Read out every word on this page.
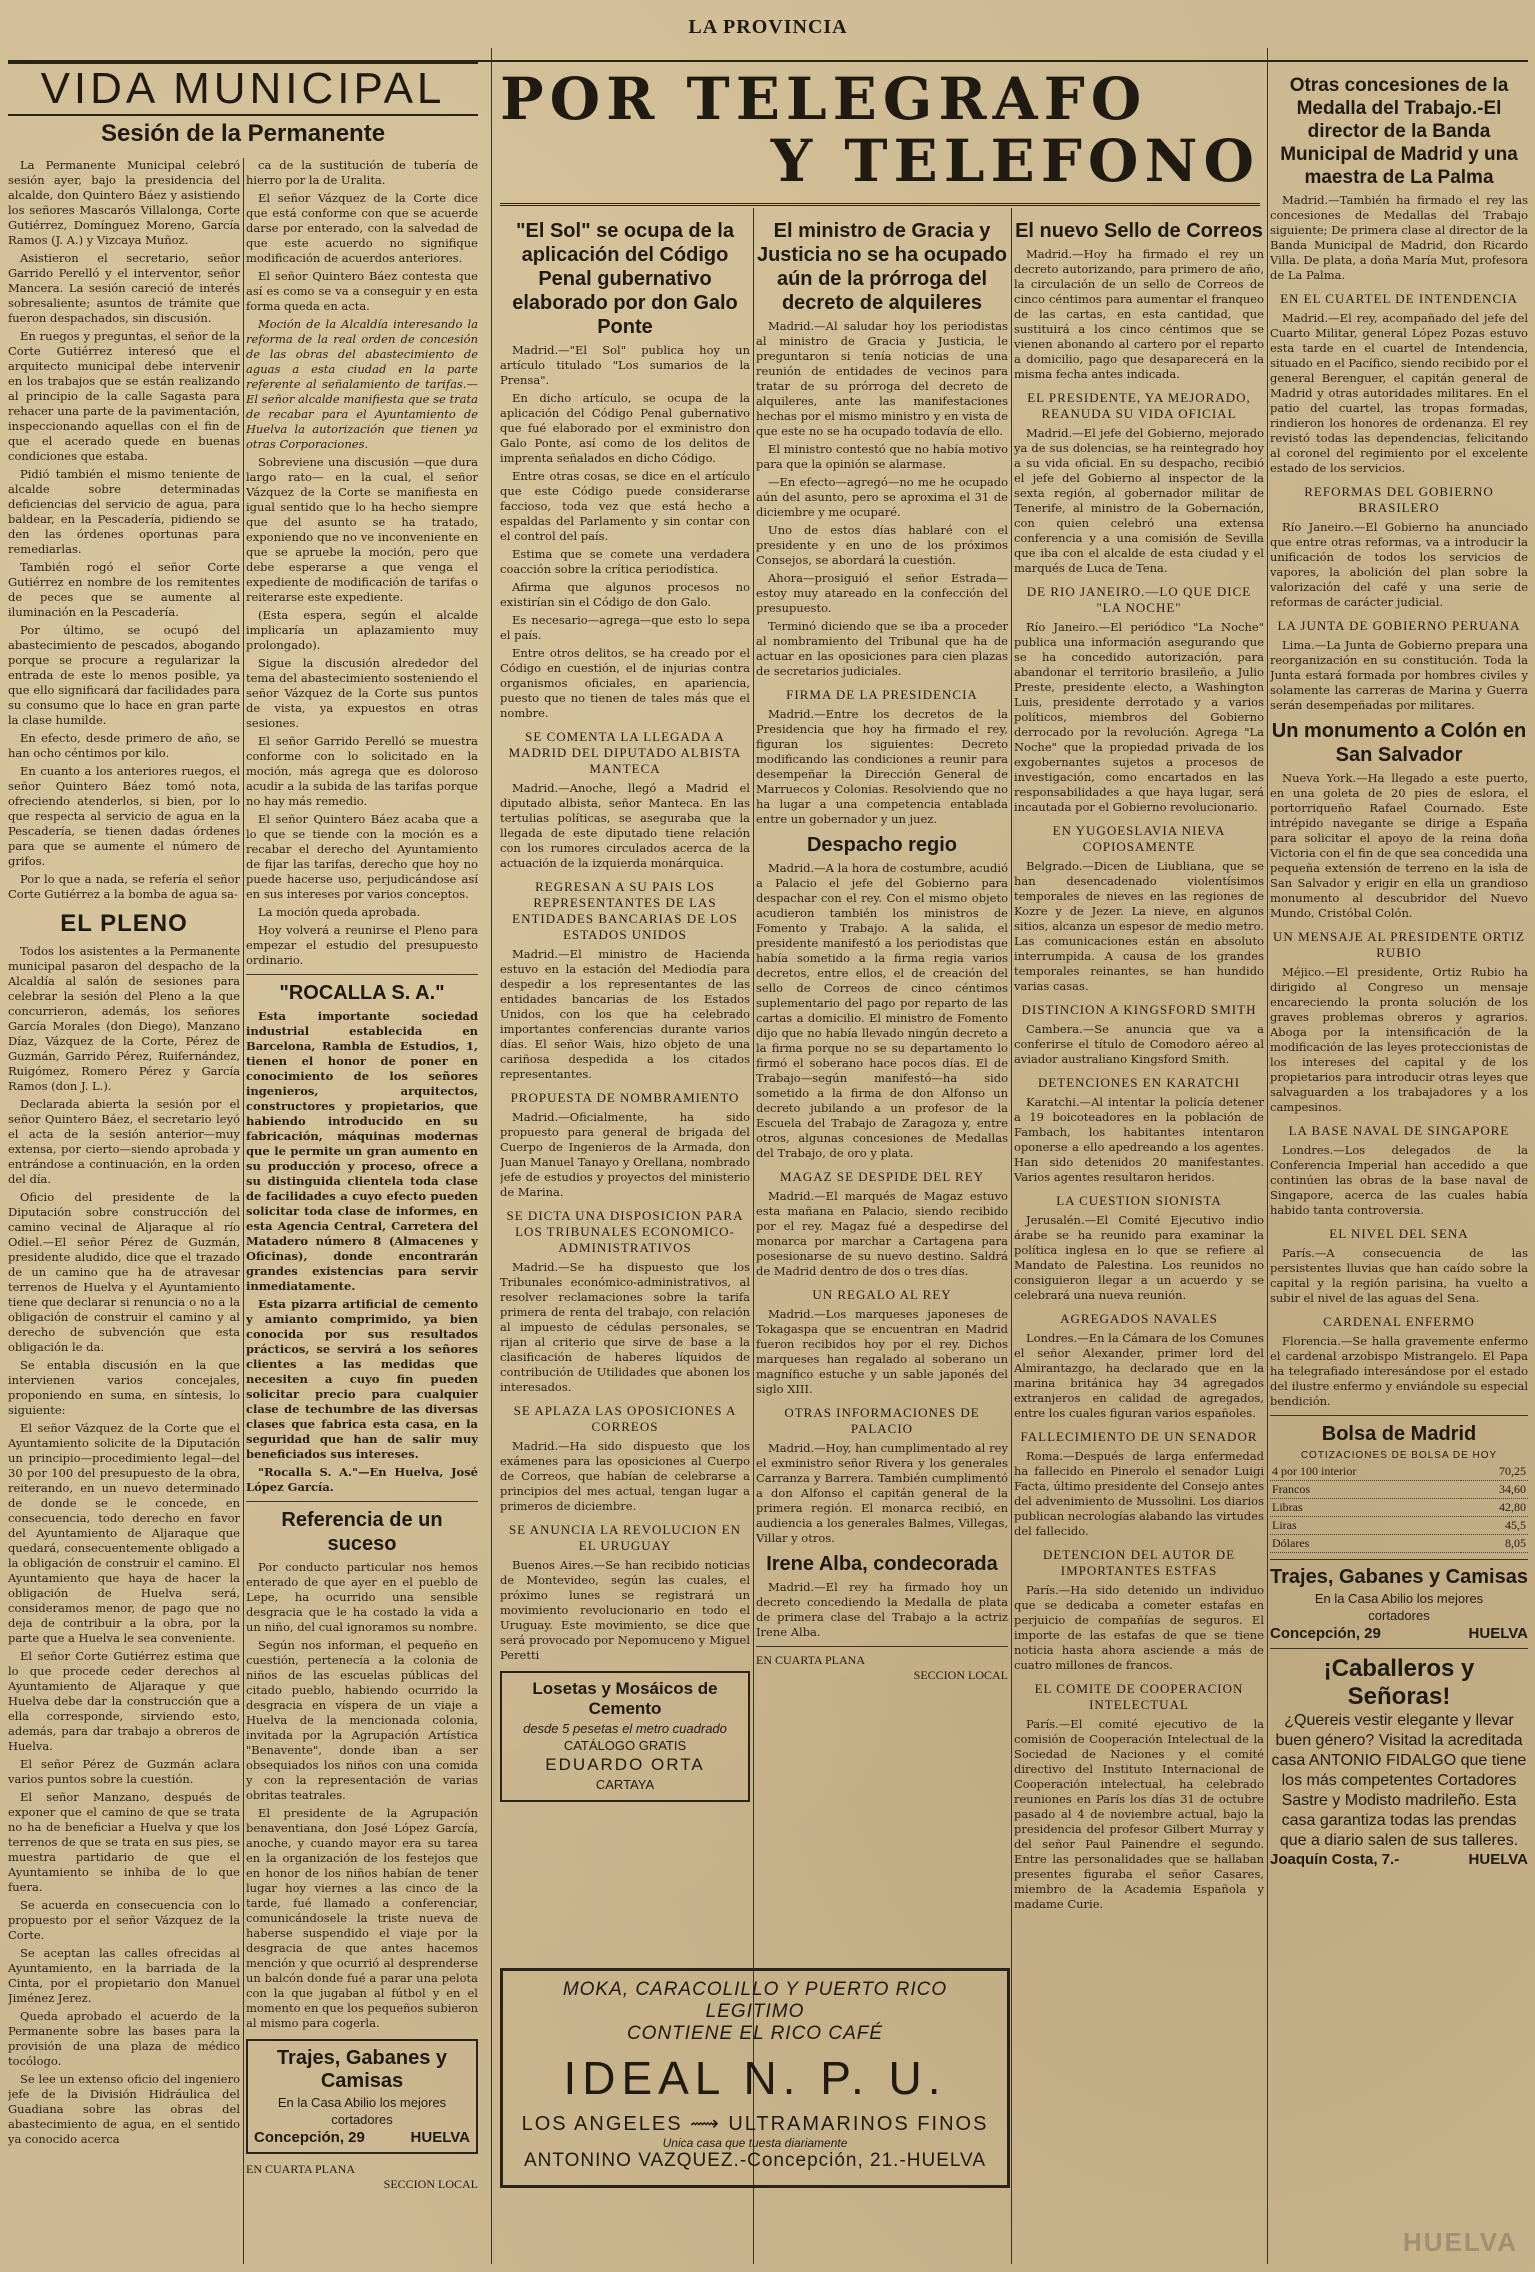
LA PROVINCIA
VIDA MUNICIPAL
Sesión de la Permanente
POR TELEGRAFO
Y TELEFONO

La Permanente Municipal celebró sesión ayer, bajo la presidencia del alcalde, don Quintero Báez y asistiendo los señores Mascarós Villalonga, Corte Gutiérrez, Domínguez Moreno, García Ramos (J. A.) y Vizcaya Muñoz.

Asistieron el secretario, señor Garrido Perelló y el interventor, señor Mancera. La sesión careció de interés sobresaliente; asuntos de trámite que fueron despachados, sin discusión.

En ruegos y preguntas, el señor de la Corte Gutiérrez interesó que el arquitecto municipal debe intervenir en los trabajos que se están realizando al principio de la calle Sagasta para rehacer una parte de la pavimentación, inspeccionando aquellas con el fin de que el acerado quede en buenas condiciones que estaba.

Pidió también el mismo teniente de alcalde sobre determinadas deficiencias del servicio de agua, para baldear, en la Pescadería, pidiendo se den las órdenes oportunas para remediarlas.

También rogó el señor Corte Gutiérrez en nombre de los remitentes de peces que se aumente al iluminación en la Pescadería.

Por último, se ocupó del abastecimiento de pescados, abogando porque se procure a regularizar la entrada de este lo menos posible, ya que ello significará dar facilidades para su consumo que lo hace en gran parte la clase humilde.

En efecto, desde primero de año, se han ocho céntimos por kilo.

En cuanto a los anteriores ruegos, el señor Quintero Báez tomó nota, ofreciendo atenderlos, si bien, por lo que respecta al servicio de agua en la Pescadería, se tienen dadas órdenes para que se aumente el número de grifos.

Por lo que a nada, se refería el señor Corte Gutiérrez a la bomba de agua sa-

EL PLENO

Todos los asistentes a la Permanente municipal pasaron del despacho de la Alcaldía al salón de sesiones para celebrar la sesión del Pleno a la que concurrieron, además, los señores García Morales (don Diego), Manzano Díaz, Vázquez de la Corte, Pérez de Guzmán, Garrido Pérez, Ruifernández, Ruigómez, Romero Pérez y García Ramos (don J. L.).

Declarada abierta la sesión por el señor Quintero Báez, el secretario leyó el acta de la sesión anterior—muy extensa, por cierto—siendo aprobada y entrándose a continuación, en la orden del día.

Oficio del presidente de la Diputación sobre construcción del camino vecinal de Aljaraque al río Odiel.—El señor Pérez de Guzmán, presidente aludido, dice que el trazado de un camino que ha de atravesar terrenos de Huelva y el Ayuntamiento tiene que declarar si renuncia o no a la obligación de construir el camino y al derecho de subvención que esta obligación le da.

Se entabla discusión en la que intervienen varios concejales, proponiendo en suma, en síntesis, lo siguiente:

El señor Vázquez de la Corte que el Ayuntamiento solicite de la Diputación un principio—procedimiento legal—del 30 por 100 del presupuesto de la obra, reiterando, en un nuevo determinado de donde se le concede, en consecuencia, todo derecho en favor del Ayuntamiento de Aljaraque que quedará, consecuentemente obligado a la obligación de construir el camino. El Ayuntamiento que haya de hacer la obligación de Huelva será, consideramos menor, de pago que no deja de contribuir a la obra, por la parte que a Huelva le sea conveniente.

El señor Corte Gutiérrez estima que lo que procede ceder derechos al Ayuntamiento de Aljaraque y que Huelva debe dar la construcción que a ella corresponde, sirviendo esto, además, para dar trabajo a obreros de Huelva.

El señor Pérez de Guzmán aclara varios puntos sobre la cuestión.

El señor Manzano, después de exponer que el camino de que se trata no ha de beneficiar a Huelva y que los terrenos de que se trata en sus pies, se muestra partidario de que el Ayuntamiento se inhiba de lo que fuera.

Se acuerda en consecuencia con lo propuesto por el señor Vázquez de la Corte.

Se aceptan las calles ofrecidas al Ayuntamiento, en la barriada de la Cinta, por el propietario don Manuel Jiménez Jerez.

Queda aprobado el acuerdo de la Permanente sobre las bases para la provisión de una plaza de médico tocólogo.

Se lee un extenso oficio del ingeniero jefe de la División Hidráulica del Guadiana sobre las obras del abastecimiento de agua, en el sentido ya conocido acerca

ca de la sustitución de tubería de hierro por la de Uralita.

El señor Vázquez de la Corte dice que está conforme con que se acuerde darse por enterado, con la salvedad de que este acuerdo no signifique modificación de acuerdos anteriores.

El señor Quintero Báez contesta que así es como se va a conseguir y en esta forma queda en acta.

Moción de la Alcaldía interesando la reforma de la real orden de concesión de las obras del abastecimiento de aguas a esta ciudad en la parte referente al señalamiento de tarifas.—El señor alcalde manifiesta que se trata de recabar para el Ayuntamiento de Huelva la autorización que tienen ya otras Corporaciones.

Sobreviene una discusión —que dura largo rato— en la cual, el señor Vázquez de la Corte se manifiesta en igual sentido que lo ha hecho siempre que del asunto se ha tratado, exponiendo que no ve inconveniente en que se apruebe la moción, pero que debe esperarse a que venga el expediente de modificación de tarifas o reiterarse este expediente.

(Esta espera, según el alcalde implicaría un aplazamiento muy prolongado).

Sigue la discusión alrededor del tema del abastecimiento sosteniendo el señor Vázquez de la Corte sus puntos de vista, ya expuestos en otras sesiones.

El señor Garrido Perelló se muestra conforme con lo solicitado en la moción, más agrega que es doloroso acudir a la subida de las tarifas porque no hay más remedio.

El señor Quintero Báez acaba que a lo que se tiende con la moción es a recabar el derecho del Ayuntamiento de fijar las tarifas, derecho que hoy no puede hacerse uso, perjudicándose así en sus intereses por varios conceptos.

La moción queda aprobada.

Hoy volverá a reunirse el Pleno para empezar el estudio del presupuesto ordinario.

"ROCALLA S. A."

Esta importante sociedad industrial establecida en Barcelona, Rambla de Estudios, 1, tienen el honor de poner en conocimiento de los señores ingenieros, arquitectos, constructores y propietarios, que habiendo introducido en su fabricación, máquinas modernas que le permite un gran aumento en su producción y proceso, ofrece a su distinguida clientela toda clase de facilidades a cuyo efecto pueden solicitar toda clase de informes, en esta Agencia Central, Carretera del Matadero número 8 (Almacenes y Oficinas), donde encontrarán grandes existencias para servir inmediatamente.

Esta pizarra artificial de cemento y amianto comprimido, ya bien conocida por sus resultados prácticos, se servirá a los señores clientes a las medidas que necesiten a cuyo fin pueden solicitar precio para cualquier clase de techumbre de las diversas clases que fabrica esta casa, en la seguridad que han de salir muy beneficiados sus intereses.

"Rocalla S. A."—En Huelva, José López García.

Referencia de un suceso

Por conducto particular nos hemos enterado de que ayer en el pueblo de Lepe, ha ocurrido una sensible desgracia que le ha costado la vida a un niño, del cual ignoramos su nombre.

Según nos informan, el pequeño en cuestión, pertenecía a la colonia de niños de las escuelas públicas del citado pueblo, habiendo ocurrido la desgracia en víspera de un viaje a Huelva de la mencionada colonia, invitada por la Agrupación Artística "Benavente", donde iban a ser obsequiados los niños con una comida y con la representación de varias obritas teatrales.

El presidente de la Agrupación benaventiana, don José López García, anoche, y cuando mayor era su tarea en la organización de los festejos que en honor de los niños habían de tener lugar hoy viernes a las cinco de la tarde, fué llamado a conferenciar, comunicándosele la triste nueva de haberse suspendido el viaje por la desgracia de que antes hacemos mención y que ocurrió al desprenderse un balcón donde fué a parar una pelota con la que jugaban al fútbol y en el momento en que los pequeños subieron al mismo para cogerla.

Trajes, Gabanes y Camisas
En la Casa Abilio los mejores
cortadores
Concepción, 29	HUELVA
EN CUARTA PLANA
SECCION LOCAL
"El Sol" se ocupa de la aplicación del Código Penal gubernativo elaborado por don Galo Ponte

Madrid.—"El Sol" publica hoy un artículo titulado "Los sumarios de la Prensa".

En dicho artículo, se ocupa de la aplicación del Código Penal gubernativo que fué elaborado por el exministro don Galo Ponte, así como de los delitos de imprenta señalados en dicho Código.

Entre otras cosas, se dice en el artículo que este Código puede considerarse faccioso, toda vez que está hecho a espaldas del Parlamento y sin contar con el control del país.

Estima que se comete una verdadera coacción sobre la crítica periodística.

Afirma que algunos procesos no existirían sin el Código de don Galo.

Es necesario—agrega—que esto lo sepa el país.

Entre otros delitos, se ha creado por el Código en cuestión, el de injurias contra organismos oficiales, en apariencia, puesto que no tienen de tales más que el nombre.

SE COMENTA LA LLEGADA A MADRID DEL DIPUTADO ALBISTA MANTECA

Madrid.—Anoche, llegó a Madrid el diputado albista, señor Manteca. En las tertulias políticas, se aseguraba que la llegada de este diputado tiene relación con los rumores circulados acerca de la actuación de la izquierda monárquica.

REGRESAN A SU PAIS LOS REPRESENTANTES DE LAS ENTIDADES BANCARIAS DE LOS ESTADOS UNIDOS

Madrid.—El ministro de Hacienda estuvo en la estación del Mediodía para despedir a los representantes de las entidades bancarias de los Estados Unidos, con los que ha celebrado importantes conferencias durante varios días. El señor Wais, hizo objeto de una cariñosa despedida a los citados representantes.

PROPUESTA DE NOMBRAMIENTO

Madrid.—Oficialmente, ha sido propuesto para general de brigada del Cuerpo de Ingenieros de la Armada, don Juan Manuel Tanayo y Orellana, nombrado jefe de estudios y proyectos del ministerio de Marina.

SE DICTA UNA DISPOSICION PARA LOS TRIBUNALES ECONOMICO-ADMINISTRATIVOS

Madrid.—Se ha dispuesto que los Tribunales económico-administrativos, al resolver reclamaciones sobre la tarifa primera de renta del trabajo, con relación al impuesto de cédulas personales, se rijan al criterio que sirve de base a la clasificación de haberes líquidos de contribución de Utilidades que abonen los interesados.

SE APLAZA LAS OPOSICIONES A CORREOS

Madrid.—Ha sido dispuesto que los exámenes para las oposiciones al Cuerpo de Correos, que habían de celebrarse a principios del mes actual, tengan lugar a primeros de diciembre.

SE ANUNCIA LA REVOLUCION EN EL URUGUAY

Buenos Aires.—Se han recibido noticias de Montevideo, según las cuales, el próximo lunes se registrará un movimiento revolucionario en todo el Uruguay. Este movimiento, se dice que será provocado por Nepomuceno y Miguel Peretti

Losetas y Mosáicos de Cemento
desde 5 pesetas el metro cuadrado
CATÁLOGO GRATIS
EDUARDO ORTA
CARTAYA
El ministro de Gracia y Justicia no se ha ocupado aún de la prórroga del decreto de alquileres

Madrid.—Al saludar hoy los periodistas al ministro de Gracia y Justicia, le preguntaron si tenía noticias de una reunión de entidades de vecinos para tratar de su prórroga del decreto de alquileres, ante las manifestaciones hechas por el mismo ministro y en vista de que este no se ha ocupado todavía de ello.

El ministro contestó que no había motivo para que la opinión se alarmase.

—En efecto—agregó—no me he ocupado aún del asunto, pero se aproxima el 31 de diciembre y me ocuparé.

Uno de estos días hablaré con el presidente y en uno de los próximos Consejos, se abordará la cuestión.

Ahora—prosiguió el señor Estrada—estoy muy atareado en la confección del presupuesto.

Terminó diciendo que se iba a proceder al nombramiento del Tribunal que ha de actuar en las oposiciones para cien plazas de secretarios judiciales.

FIRMA DE LA PRESIDENCIA

Madrid.—Entre los decretos de la Presidencia que hoy ha firmado el rey, figuran los siguientes: Decreto modificando las condiciones a reunir para desempeñar la Dirección General de Marruecos y Colonias. Resolviendo que no ha lugar a una competencia entablada entre un gobernador y un juez.

Despacho regio

Madrid.—A la hora de costumbre, acudió a Palacio el jefe del Gobierno para despachar con el rey. Con el mismo objeto acudieron también los ministros de Fomento y Trabajo. A la salida, el presidente manifestó a los periodistas que había sometido a la firma regia varios decretos, entre ellos, el de creación del sello de Correos de cinco céntimos suplementario del pago por reparto de las cartas a domicilio. El ministro de Fomento dijo que no había llevado ningún decreto a la firma porque no se su departamento lo firmó el soberano hace pocos días. El de Trabajo—según manifestó—ha sido sometido a la firma de don Alfonso un decreto jubilando a un profesor de la Escuela del Trabajo de Zaragoza y, entre otros, algunas concesiones de Medallas del Trabajo, de oro y plata.

MAGAZ SE DESPIDE DEL REY

Madrid.—El marqués de Magaz estuvo esta mañana en Palacio, siendo recibido por el rey. Magaz fué a despedirse del monarca por marchar a Cartagena para posesionarse de su nuevo destino. Saldrá de Madrid dentro de dos o tres días.

UN REGALO AL REY

Madrid.—Los marqueses japoneses de Tokagaspa que se encuentran en Madrid fueron recibidos hoy por el rey. Dichos marqueses han regalado al soberano un magnífico estuche y un sable japonés del siglo XIII.

OTRAS INFORMACIONES DE PALACIO

Madrid.—Hoy, han cumplimentado al rey el exministro señor Rivera y los generales Carranza y Barrera. También cumplimentó a don Alfonso el capitán general de la primera región. El monarca recibió, en audiencia a los generales Balmes, Villegas, Villar y otros.

Irene Alba, condecorada

Madrid.—El rey ha firmado hoy un decreto concediendo la Medalla de plata de primera clase del Trabajo a la actriz Irene Alba.

EN CUARTA PLANA
SECCION LOCAL
El nuevo Sello de Correos

Madrid.—Hoy ha firmado el rey un decreto autorizando, para primero de año, la circulación de un sello de Correos de cinco céntimos para aumentar el franqueo de las cartas, en esta cantidad, que sustituirá a los cinco céntimos que se vienen abonando al cartero por el reparto a domicilio, pago que desaparecerá en la misma fecha antes indicada.

EL PRESIDENTE, YA MEJORADO, REANUDA SU VIDA OFICIAL

Madrid.—El jefe del Gobierno, mejorado ya de sus dolencias, se ha reintegrado hoy a su vida oficial. En su despacho, recibió el jefe del Gobierno al inspector de la sexta región, al gobernador militar de Tenerife, al ministro de la Gobernación, con quien celebró una extensa conferencia y a una comisión de Sevilla que iba con el alcalde de esta ciudad y el marqués de Luca de Tena.

DE RIO JANEIRO.—LO QUE DICE "LA NOCHE"

Río Janeiro.—El periódico "La Noche" publica una información asegurando que se ha concedido autorización, para abandonar el territorio brasileño, a Julio Preste, presidente electo, a Washington Luis, presidente derrotado y a varios políticos, miembros del Gobierno derrocado por la revolución. Agrega "La Noche" que la propiedad privada de los exgobernantes sujetos a procesos de investigación, como encartados en las responsabilidades a que haya lugar, será incautada por el Gobierno revolucionario.

EN YUGOESLAVIA NIEVA COPIOSAMENTE

Belgrado.—Dicen de Liubliana, que se han desencadenado violentísimos temporales de nieves en las regiones de Kozre y de Jezer. La nieve, en algunos sitios, alcanza un espesor de medio metro. Las comunicaciones están en absoluto interrumpida. A causa de los grandes temporales reinantes, se han hundido varias casas.

DISTINCION A KINGSFORD SMITH

Cambera.—Se anuncia que va a conferirse el título de Comodoro aéreo al aviador australiano Kingsford Smith.

DETENCIONES EN KARATCHI

Karatchi.—Al intentar la policía detener a 19 boicoteadores en la población de Fambach, los habitantes intentaron oponerse a ello apedreando a los agentes. Han sido detenidos 20 manifestantes. Varios agentes resultaron heridos.

LA CUESTION SIONISTA

Jerusalén.—El Comité Ejecutivo indio árabe se ha reunido para examinar la política inglesa en lo que se refiere al Mandato de Palestina. Los reunidos no consiguieron llegar a un acuerdo y se celebrará una nueva reunión.

AGREGADOS NAVALES

Londres.—En la Cámara de los Comunes el señor Alexander, primer lord del Almirantazgo, ha declarado que en la marina británica hay 34 agregados extranjeros en calidad de agregados, entre los cuales figuran varios españoles.

FALLECIMIENTO DE UN SENADOR

Roma.—Después de larga enfermedad ha fallecido en Pinerolo el senador Luigi Facta, último presidente del Consejo antes del advenimiento de Mussolini. Los diarios publican necrologías alabando las virtudes del fallecido.

DETENCION DEL AUTOR DE IMPORTANTES ESTFAS

París.—Ha sido detenido un individuo que se dedicaba a cometer estafas en perjuicio de compañías de seguros. El importe de las estafas de que se tiene noticia hasta ahora asciende a más de cuatro millones de francos.

EL COMITE DE COOPERACION INTELECTUAL

París.—El comité ejecutivo de la comisión de Cooperación Intelectual de la Sociedad de Naciones y el comité directivo del Instituto Internacional de Cooperación intelectual, ha celebrado reuniones en París los días 31 de octubre pasado al 4 de noviembre actual, bajo la presidencia del profesor Gilbert Murray y del señor Paul Painendre el segundo. Entre las personalidades que se hallaban presentes figuraba el señor Casares, miembro de la Academia Española y madame Curie.

Otras concesiones de la Medalla del Trabajo.-El director de la Banda Municipal de Madrid y una maestra de La Palma

Madrid.—También ha firmado el rey las concesiones de Medallas del Trabajo siguiente; De primera clase al director de la Banda Municipal de Madrid, don Ricardo Villa. De plata, a doña María Mut, profesora de La Palma.

EN EL CUARTEL DE INTENDENCIA

Madrid.—El rey, acompañado del jefe del Cuarto Militar, general López Pozas estuvo esta tarde en el cuartel de Intendencia, situado en el Pacífico, siendo recibido por el general Berenguer, el capitán general de Madrid y otras autoridades militares. En el patio del cuartel, las tropas formadas, rindieron los honores de ordenanza. El rey revistó todas las dependencias, felicitando al coronel del regimiento por el excelente estado de los servicios.

REFORMAS DEL GOBIERNO BRASILERO

Río Janeiro.—El Gobierno ha anunciado que entre otras reformas, va a introducir la unificación de todos los servicios de vapores, la abolición del plan sobre la valorización del café y una serie de reformas de carácter judicial.

LA JUNTA DE GOBIERNO PERUANA

Lima.—La Junta de Gobierno prepara una reorganización en su constitución. Toda la Junta estará formada por hombres civiles y solamente las carreras de Marina y Guerra serán desempeñadas por militares.

Un monumento a Colón en San Salvador

Nueva York.—Ha llegado a este puerto, en una goleta de 20 pies de eslora, el portorriqueño Rafael Cournado. Este intrépido navegante se dirige a España para solicitar el apoyo de la reina doña Victoria con el fin de que sea concedida una pequeña extensión de terreno en la isla de San Salvador y erigir en ella un grandioso monumento al descubridor del Nuevo Mundo, Cristóbal Colón.

UN MENSAJE AL PRESIDENTE ORTIZ RUBIO

Méjico.—El presidente, Ortiz Rubio ha dirigido al Congreso un mensaje encareciendo la pronta solución de los graves problemas obreros y agrarios. Aboga por la intensificación de la modificación de las leyes proteccionistas de los intereses del capital y de los propietarios para introducir otras leyes que salvaguarden a los trabajadores y a los campesinos.

LA BASE NAVAL DE SINGAPORE

Londres.—Los delegados de la Conferencia Imperial han accedido a que continúen las obras de la base naval de Singapore, acerca de las cuales había habido tanta controversia.

EL NIVEL DEL SENA

París.—A consecuencia de las persistentes lluvias que han caído sobre la capital y la región parisina, ha vuelto a subir el nivel de las aguas del Sena.

CARDENAL ENFERMO

Florencia.—Se halla gravemente enfermo el cardenal arzobispo Mistrangelo. El Papa ha telegrafiado interesándose por el estado del ilustre enfermo y enviándole su especial bendición.

Bolsa de Madrid
COTIZACIONES DE BOLSA DE HOY
4 por 100 interior	70,25
Francos	34,60
Libras	42,80
Liras	45,5
Dólares	8,05
Trajes, Gabanes y Camisas
En la Casa Abilio los mejores
cortadores
Concepción, 29	HUELVA
¡Caballeros y Señoras!
¿Quereis vestir elegante y llevar buen género? Visitad la acreditada casa ANTONIO FIDALGO que tiene los más competentes Cortadores Sastre y Modisto madrileño. Esta casa garantiza todas las prendas que a diario salen de sus talleres.
Joaquín Costa, 7.-	HUELVA
MOKA, CARACOLILLO Y PUERTO RICO LEGITIMO
CONTIENE EL RICO CAFÉ
IDEAL N. P. U.
LOS ANGELES ⟿ ULTRAMARINOS FINOS
Unica casa que tuesta diariamente
ANTONINO VAZQUEZ.-Concepción, 21.-HUELVA
HUELVA
